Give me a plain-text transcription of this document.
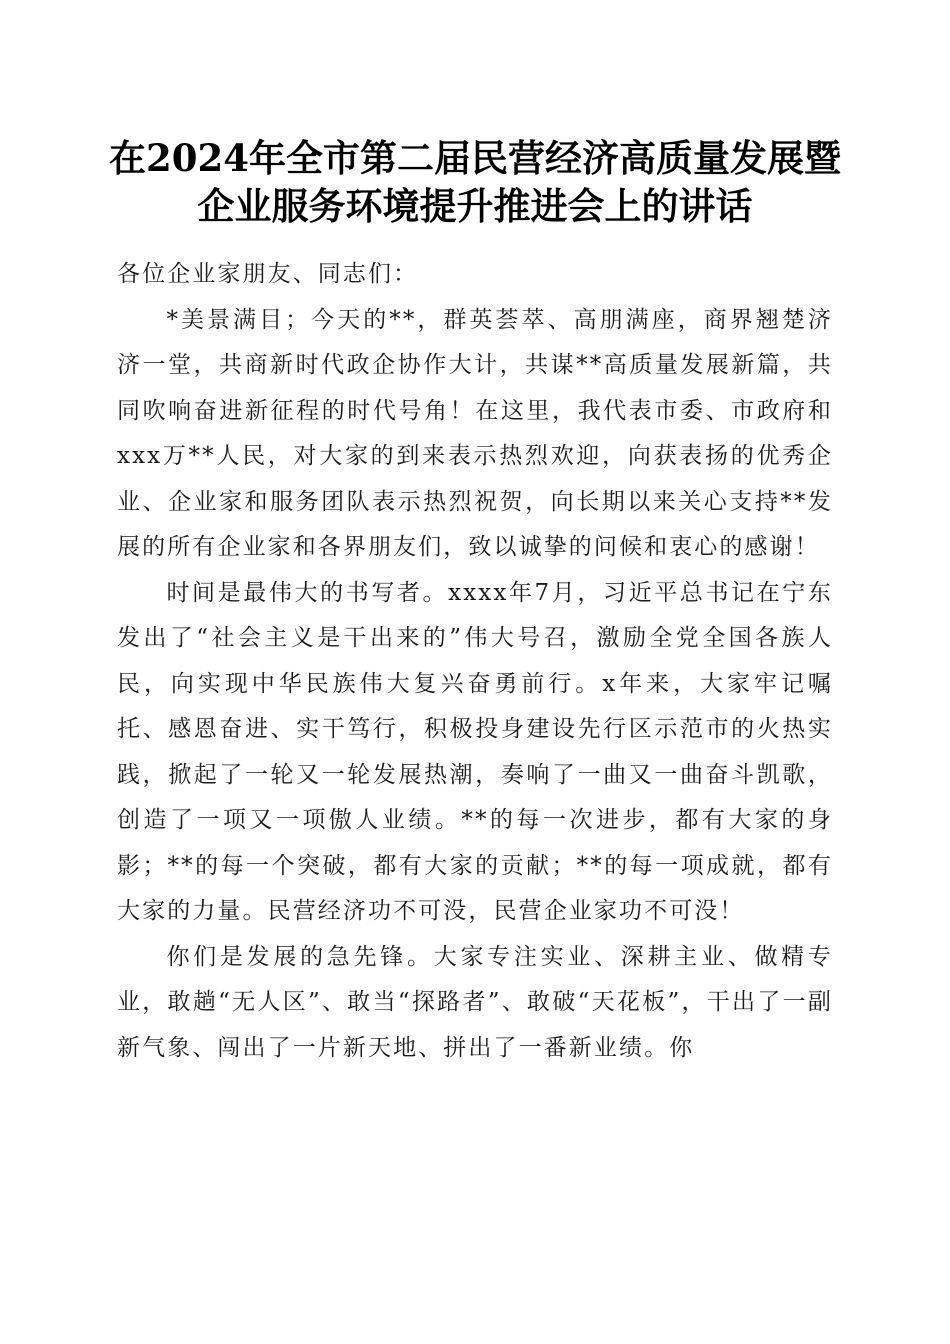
在2024年全市第二届民营经济高质量发展暨
企业服务环境提升推进会上的讲话

各位企业家朋友、同志们：

*美景满目；今天的**，群英荟萃、高朋满座，商界翘楚济济一堂，共商新时代政企协作大计，共谋**高质量发展新篇，共同吹响奋进新征程的时代号角！在这里，我代表市委、市政府和xxx万**人民，对大家的到来表示热烈欢迎，向获表扬的优秀企业、企业家和服务团队表示热烈祝贺，向长期以来关心支持**发展的所有企业家和各界朋友们，致以诚挚的问候和衷心的感谢！

时间是最伟大的书写者。xxxx年7月，习近平总书记在宁东发出了“社会主义是干出来的”伟大号召，激励全党全国各族人民，向实现中华民族伟大复兴奋勇前行。x年来，大家牢记嘱托、感恩奋进、实干笃行，积极投身建设先行区示范市的火热实践，掀起了一轮又一轮发展热潮，奏响了一曲又一曲奋斗凯歌，创造了一项又一项傲人业绩。**的每一次进步，都有大家的身影；**的每一个突破，都有大家的贡献；**的每一项成就，都有大家的力量。民营经济功不可没，民营企业家功不可没！

你们是发展的急先锋。大家专注实业、深耕主业、做精专业，敢趟“无人区”、敢当“探路者”、敢破“天花板”，干出了一副新气象、闯出了一片新天地、拼出了一番新业绩。你
